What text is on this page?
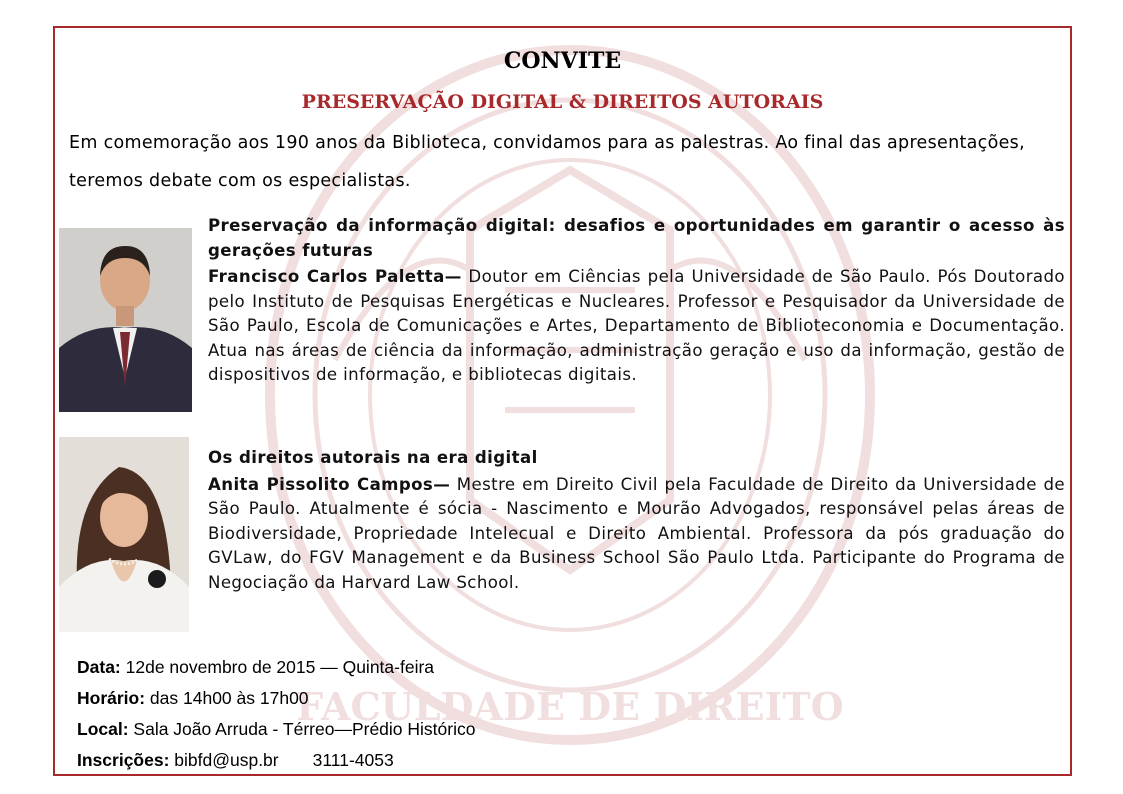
FACULDADE DE DIREITO
CONVITE
PRESERVAÇÃO DIGITAL & DIREITOS AUTORAIS
Em comemoração aos 190 anos da Biblioteca, convidamos para as palestras. Ao final das apresentações, teremos debate com os especialistas.
Preservação da informação digital: desafios e oportunidades em garantir o acesso às gerações futuras
Francisco Carlos Paletta— Doutor em Ciências pela Universidade de São Paulo. Pós Doutorado pelo Instituto de Pesquisas Energéticas e Nucleares. Professor e Pesquisador da Universidade de São Paulo, Escola de Comunicações e Artes, Departamento de Biblioteconomia e Documentação. Atua nas áreas de ciência da informação, administração geração e uso da informação, gestão de dispositivos de informação, e bibliotecas digitais.
Os direitos autorais na era digital
Anita Pissolito Campos— Mestre em Direito Civil pela Faculdade de Direito da Universidade de São Paulo. Atualmente é sócia - Nascimento e Mourão Advogados, responsável pelas áreas de Biodiversidade, Propriedade Intelecual e Direito Ambiental. Professora da pós graduação do GVLaw, do FGV Management e da Business School São Paulo Ltda. Participante do Programa de Negociação da Harvard Law School.
Data: 12de novembro de 2015 — Quinta-feira
Horário: das 14h00 às 17h00
Local: Sala João Arruda - Térreo—Prédio Histórico
Inscrições: bibfd@usp.br 3111-4053
